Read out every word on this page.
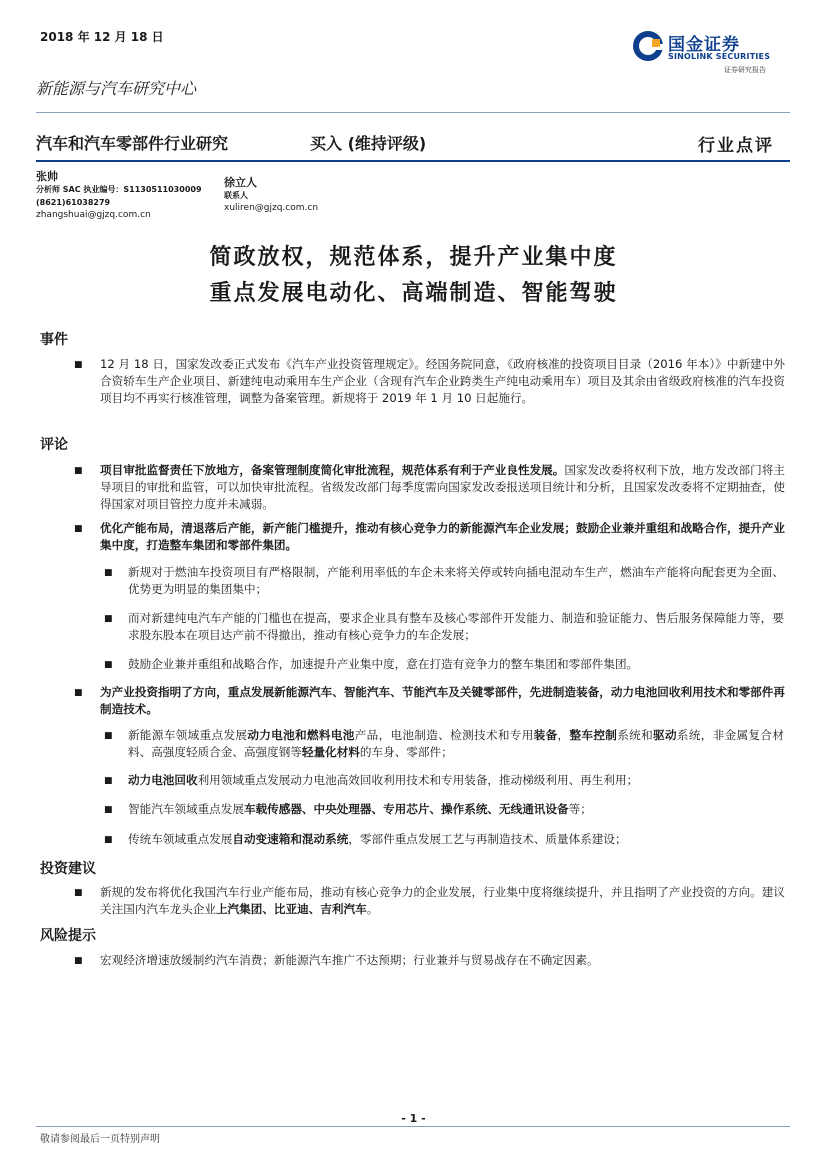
2018 年 12 月 18 日	国金证券
SINOLINK SECURITIES
证券研究报告
新能源与汽车研究中心
汽车和汽车零部件行业研究	买入 (维持评级)	行业点评
张帅
分析师 SAC 执业编号：S1130511030009
(8621)61038279
zhangshuai@gjzq.com.cn
徐立人
联系人
xuliren@gjzq.com.cn
简政放权，规范体系，提升产业集中度
重点发展电动化、高端制造、智能驾驶
事件
■ 12 月 18 日，国家发改委正式发布《汽车产业投资管理规定》。经国务院同意，《政府核准的投资项目目录（2016 年本）》中新建中外合资轿车生产企业项目、新建纯电动乘用车生产企业（含现有汽车企业跨类生产纯电动乘用车）项目及其余由省级政府核准的汽车投资项目均不再实行核准管理，调整为备案管理。新规将于 2019 年 1 月 10 日起施行。
评论
■ 项目审批监督责任下放地方，备案管理制度简化审批流程，规范体系有利于产业良性发展。国家发改委将权利下放，地方发改部门将主导项目的审批和监管，可以加快审批流程。省级发改部门每季度需向国家发改委报送项目统计和分析，且国家发改委将不定期抽查，使得国家对项目管控力度并未减弱。
■ 优化产能布局，清退落后产能，新产能门槛提升，推动有核心竞争力的新能源汽车企业发展；鼓励企业兼并重组和战略合作，提升产业集中度，打造整车集团和零部件集团。
■ 新规对于燃油车投资项目有严格限制，产能利用率低的车企未来将关停或转向插电混动车生产，燃油车产能将向配套更为全面、优势更为明显的集团集中；
■ 而对新建纯电汽车产能的门槛也在提高，要求企业具有整车及核心零部件开发能力、制造和验证能力、售后服务保障能力等，要求股东股本在项目达产前不得撤出，推动有核心竞争力的车企发展；
■ 鼓励企业兼并重组和战略合作，加速提升产业集中度，意在打造有竞争力的整车集团和零部件集团。
■ 为产业投资指明了方向，重点发展新能源汽车、智能汽车、节能汽车及关键零部件，先进制造装备，动力电池回收利用技术和零部件再制造技术。
■ 新能源车领域重点发展动力电池和燃料电池产品，电池制造、检测技术和专用装备，整车控制系统和驱动系统，非金属复合材料、高强度轻质合金、高强度钢等轻量化材料的车身、零部件；
■ 动力电池回收利用领域重点发展动力电池高效回收利用技术和专用装备，推动梯级利用、再生利用；
■ 智能汽车领域重点发展车载传感器、中央处理器、专用芯片、操作系统、无线通讯设备等；
■ 传统车领域重点发展自动变速箱和混动系统，零部件重点发展工艺与再制造技术、质量体系建设；
投资建议
■ 新规的发布将优化我国汽车行业产能布局，推动有核心竞争力的企业发展，行业集中度将继续提升，并且指明了产业投资的方向。建议关注国内汽车龙头企业上汽集团、比亚迪、吉利汽车。
风险提示
■ 宏观经济增速放缓制约汽车消费；新能源汽车推广不达预期；行业兼并与贸易战存在不确定因素。
- 1 -
敬请参阅最后一页特别声明
